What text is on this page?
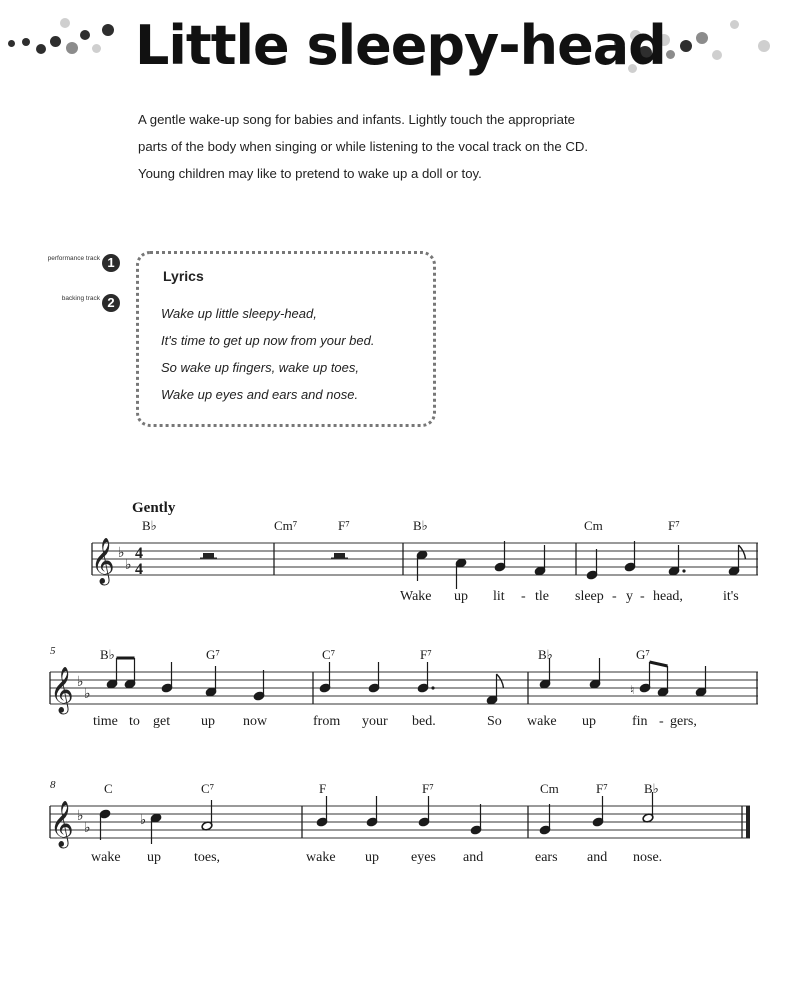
Little sleepy-head
A gentle wake-up song for babies and infants. Lightly touch the appropriate
parts of the body when singing or while listening to the vocal track on the CD.
Young children may like to pretend to wake up a doll or toy.
performance track 1
backing track 2
Lyrics
Wake up little sleepy-head,
It's time to get up now from your bed.
So wake up fingers, wake up toes,
Wake up eyes and ears and nose.
Gently
𝄞 ♭
♭
4
4
B♭	Cm⁷	F⁷	B♭	Cm	F⁷
Wake up lit - tle sleep - y - head,	it's
5
𝄞 ♭
♭
B♭	G⁷	C⁷	F⁷	B♭	G⁷
time to get up now	from your bed.	So wake up	fin - gers,
8
𝄞 ♭
♭
C	C⁷	F	F⁷	Cm	F⁷	B♭
wake up toes,	wake up eyes and	ears and nose.
♮
♭
